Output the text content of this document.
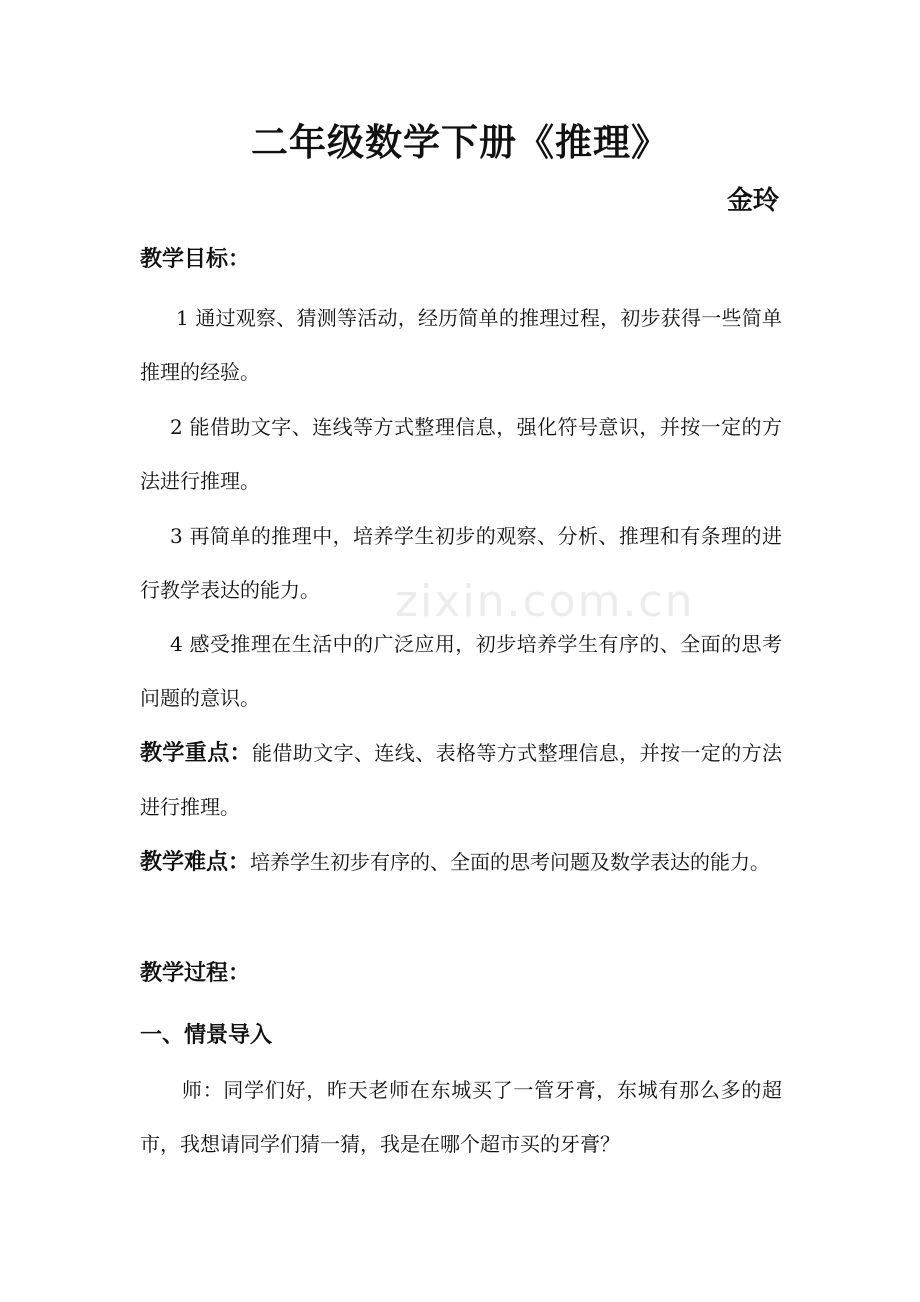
zixin.com.cn
二年级数学下册《推理》
金玲
教学目标：
1 通过观察、猜测等活动，经历简单的推理过程，初步获得一些简单推理的经验。
2 能借助文字、连线等方式整理信息，强化符号意识，并按一定的方法进行推理。
3 再简单的推理中，培养学生初步的观察、分析、推理和有条理的进行教学表达的能力。
4 感受推理在生活中的广泛应用，初步培养学生有序的、全面的思考问题的意识。
教学重点：能借助文字、连线、表格等方式整理信息，并按一定的方法进行推理。
教学难点：培养学生初步有序的、全面的思考问题及数学表达的能力。
教学过程：
一、情景导入
师：同学们好，昨天老师在东城买了一管牙膏，东城有那么多的超市，我想请同学们猜一猜，我是在哪个超市买的牙膏？
